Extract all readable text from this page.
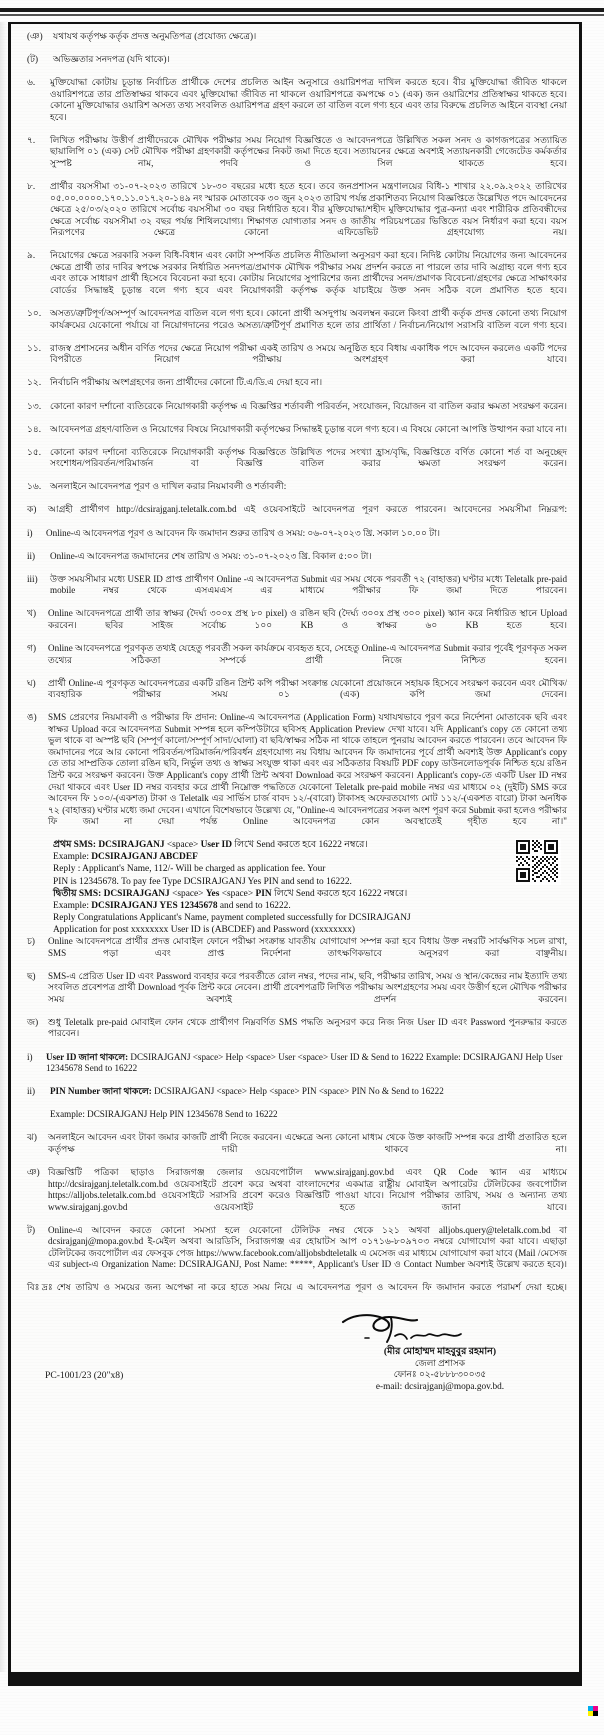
(ঞ)	যথাযথ কর্তৃপক্ষ কর্তৃক প্রদত্ত অনুমতিপত্র (প্রযোজ্য ক্ষেত্রে)।
(ট)	অভিজ্ঞতার সনদপত্র (যদি থাকে)।
৬.	মুক্তিযোদ্ধা কোটায় চূড়ান্ত নির্বাচিত প্রার্থীকে দেশের প্রচলিত আইন অনুসারে ওয়ারিশপত্র দাখিল করতে হবে। বীর মুক্তিযোদ্ধা জীবিত থাকলে ওয়ারিশপত্রে তার প্রতিস্বাক্ষর থাকবে এবং মুক্তিযোদ্ধা জীবিত না থাকলে ওয়ারিশপত্রে কমপক্ষে ০১ (এক) জন ওয়ারিশের প্রতিস্বাক্ষর থাকতে হবে। কোনো মুক্তিযোদ্ধার ওয়ারিশ অসত্য তথ্য সংবলিত ওয়ারিশপত্র গ্রহণ করলে তা বাতিল বলে গণ্য হবে এবং তার বিরুদ্ধে প্রচলিত আইনে ব্যবস্থা নেয়া হবে।
৭.	লিখিত পরীক্ষায় উত্তীর্ণ প্রার্থীদেরকে মৌখিক পরীক্ষার সময় নিয়োগ বিজ্ঞপ্তিতে ও আবেদনপত্রে উল্লিখিত সকল সনদ ও কাগজপত্রের সত্যায়িত ছায়ালিপি ০১ (এক) সেট মৌখিক পরীক্ষা গ্রহণকারী কর্তৃপক্ষের নিকট জমা দিতে হবে। সত্যায়নের ক্ষেত্রে অবশ্যই সত্যায়নকারী গেজেটেড কর্মকর্তার সুস্পষ্ট নাম, পদবি ও সিল থাকতে হবে।
৮.	প্রার্থীর বয়সসীমা ৩১-০৭-২০২৩ তারিখে ১৮-৩০ বছরের মধ্যে হতে হবে। তবে জনপ্রশাসন মন্ত্রণালয়ের বিধি-১ শাখার ২২.০৯.২০২২ তারিখের ০৫.০০.০০০০.১৭০.১১.০১৭.২০-১৪৯ নং স্মারক মোতাবেক ৩০ জুন ২০২৩ তারিখ পর্যন্ত প্রকাশিতব্য নিয়োগ বিজ্ঞপ্তিতে উল্লেখিত পদে আবেদনের ক্ষেত্রে ২৫/০৩/২০২০ তারিখে সর্বোচ্চ বয়সসীমা ৩০ বছর নির্ধারিত হবে। বীর মুক্তিযোদ্ধা/শহীদ মুক্তিযোদ্ধার পুত্র-কন্যা এবং শারীরিক প্রতিবন্ধীদের ক্ষেত্রে সর্বোচ্চ বয়সসীমা ৩২ বছর পর্যন্ত শিথিলযোগ্য। শিক্ষাগত যোগ্যতার সনদ ও জাতীয় পরিচয়পত্রের ভিত্তিতে বয়স নির্ধারণ করা হবে। বয়স নিরূপণের ক্ষেত্রে কোনো এফিডেভিট গ্রহণযোগ্য নয়।
৯.	নিয়োগের ক্ষেত্রে সরকারি সকল বিধি-বিধান এবং কোটা সম্পর্কিত প্রচলিত নীতিমালা অনুসরণ করা হবে। নিদিষ্ট কোটায় নিয়োগের জন্য আবেদনের ক্ষেত্রে প্রার্থী তার দাবির স্বপক্ষে সরকার নির্ধারিত সনদপত্র/প্রমাণক মৌখিক পরীক্ষার সময় প্রদর্শন করতে না পারলে তার দাবি অগ্রাহ্য বলে গণ্য হবে এবং তাকে সাধারণ প্রার্থী হিসেবে বিবেচনা করা হবে। কোটায় নিয়োগের সুপারিশের জন্য প্রার্থীদের সনদ/প্রমাণক বিবেচনা/গ্রহণের ক্ষেত্রে সাক্ষাৎকার বোর্ডের সিদ্ধান্তই চূড়ান্ত বলে গণ্য হবে এবং নিয়োগকারী কর্তৃপক্ষ কর্তৃক যাচাইয়ে উক্ত সনদ সঠিক বলে প্রমাণিত হতে হবে।
১০. অসত্য/ত্রুটিপূর্ণ/অসম্পূর্ণ আবেদনপত্র বাতিল বলে গণ্য হবে। কোনো প্রার্থী অসদুপায় অবলম্বন করলে কিংবা প্রার্থী কর্তৃক প্রদত্ত কোনো তথ্য নিয়োগ কার্যক্রমের যেকোনো পর্যায়ে বা নিয়োগদানের পরেও অসত্য/ত্রুটিপূর্ণ প্রমাণিত হলে তার প্রার্থিতা / নির্বাচন/নিয়োগ সরাসরি বাতিল বলে গণ্য হবে।
১১. রাজস্ব প্রশাসনের অধীন বর্ণিত পদের ক্ষেত্রে নিয়োগ পরীক্ষা একই তারিখ ও সময়ে অনুষ্ঠিত হবে বিধায় একাধিক পদে আবেদন করলেও একটি পদের বিপরীতে নিয়োগ পরীক্ষায় অংশগ্রহণ করা যাবে।
১২. নির্বাচনি পরীক্ষায় অংশগ্রহণের জন্য প্রার্থীদের কোনো টি.এ/ডি.এ দেয়া হবে না।
১৩. কোনো কারণ দর্শানো ব্যতিরেকে নিয়োগকারী কর্তৃপক্ষ এ বিজ্ঞপ্তির শর্তাবলী পরিবর্তন, সংযোজন, বিয়োজন বা বাতিল করার ক্ষমতা সংরক্ষণ করেন।
১৪. আবেদনপত্র গ্রহণ/বাতিল ও নিয়োগের বিষয়ে নিয়োগকারী কর্তৃপক্ষের সিদ্ধান্তই চূড়ান্ত বলে গণ্য হবে। এ বিষয়ে কোনো আপত্তি উত্থাপন করা যাবে না।
১৫. কোনো কারণ দর্শানো ব্যতিরেকে নিয়োগকারী কর্তৃপক্ষ বিজ্ঞপ্তিতে উল্লিখিত পদের সংখ্যা হ্রাস/বৃদ্ধি, বিজ্ঞপ্তিতে বর্ণিত কোনো শর্ত বা অনুচ্ছেদ সংশোধন/পরিবর্তন/পরিমার্জন বা বিজ্ঞপ্তি বাতিল করার ক্ষমতা সংরক্ষণ করেন।
১৬. অনলাইনে আবেদনপত্র পূরণ ও দাখিল করার নিয়মাবলী ও শর্তাবলী:
ক)	আগ্রহী প্রার্থীগণ http://dcsirajganj.teletalk.com.bd এই ওয়েবসাইটে আবেদনপত্র পূরণ করতে পারবেন। আবেদনের সময়সীমা নিম্নরূপ:
i)	Online-এ আবেদনপত্র পূরণ ও আবেদন ফি জমাদান শুরুর তারিখ ও সময়: ০৬-০৭-২০২৩ খ্রি. সকাল ১০.০০ টা।
ii)	Online-এ আবেদনপত্র জমাদানের শেষ তারিখ ও সময়: ৩১-০৭-২০২৩ খ্রি. বিকাল ৫:০০ টা।
iii)	উক্ত সময়সীমার মধ্যে USER ID প্রাপ্ত প্রার্থীগণ Online -এ আবেদনপত্র Submit এর সময় থেকে পরবর্তী ৭২ (বাহাত্তর) ঘণ্টার মধ্যে Teletalk pre-paid mobile নম্বর থেকে এসএমএস এর মাধ্যমে পরীক্ষার ফি জমা দিতে পারবেন।
খ)	Online আবেদনপত্রে প্রার্থী তার স্বাক্ষর (দৈর্ঘ্য ৩০০x প্রস্থ ৮০ pixel) ও রঙিন ছবি (দৈর্ঘ্য ৩০০x প্রস্থ ৩০০ pixel) স্ক্যান করে নির্ধারিত স্থানে Upload করবেন। ছবির সাইজ সর্বোচ্চ ১০০ KB ও স্বাক্ষর ৬০ KB হতে হবে।
গ)	Online আবেদনপত্রে পূরণকৃত তথ্যই যেহেতু পরবর্তী সকল কার্যক্রমে ব্যবহৃত হবে, সেহেতু Online-এ আবেদনপত্র Submit করার পূর্বেই পূরণকৃত সকল তথ্যের সঠিকতা সম্পর্কে প্রার্থী নিজে নিশ্চিত হবেন।
ঘ)	প্রার্থী Online-এ পূরণকৃত আবেদনপত্রের একটি রঙিন প্রিন্ট কপি পরীক্ষা সংক্রান্ত যেকোনো প্রয়োজনে সহায়ক হিসেবে সংরক্ষণ করবেন এবং মৌখিক/ব্যবহারিক পরীক্ষার সময় ০১ (এক) কপি জমা দেবেন।
ঙ)	SMS প্রেরণের নিয়মাবলী ও পরীক্ষার ফি প্রদান: Online-এ আবেদনপত্র (Application Form) যথাযথভাবে পূরণ করে নির্দেশনা মোতাবেক ছবি এবং স্বাক্ষর Upload করে আবেদনপত্র Submit সম্পন্ন হলে কম্পিউটারে ছবিসহ Application Preview দেখা যাবে। যদি Applicant's copy তে কোনো তথ্য ভুল থাকে বা অস্পষ্ট ছবি (সম্পূর্ণ কালো/সম্পূর্ণ সাদা/ঘোলা) বা ছবি/স্বাক্ষর সঠিক না থাকে তাহলে পুনরায় আবেদন করতে পারবেন। তবে আবেদন ফি জমাদানের পরে আর কোনো পরিবর্তন/পরিমার্জন/পরিবর্ধন গ্রহণযোগ্য নয় বিধায় আবেদন ফি জমাদানের পূর্বে প্রার্থী অবশ্যই উক্ত Applicant's copy তে তার সাম্প্রতিক তোলা রঙিন ছবি, নির্ভুল তথ্য ও স্বাক্ষর সংযুক্ত থাকা এবং এর সঠিকতার বিষয়টি PDF copy ডাউনলোডপূর্বক নিশ্চিত হয়ে রঙিন প্রিন্ট করে সংরক্ষণ করবেন। উক্ত Applicant's copy প্রার্থী প্রিন্ট অথবা Download করে সংরক্ষণ করবেন। Applicant's copy-তে একটি User ID নম্বর দেয়া থাকবে এবং User ID নম্বর ব্যবহার করে প্রার্থী নিম্নোক্ত পদ্ধতিতে যেকোনো Teletalk pre-paid mobile নম্বর এর মাধ্যমে ০২ (দুইটি) SMS করে আবেদন ফি ১০০/-(একশত) টাকা ও Teletalk এর সার্ভিস চার্জ বাবদ ১২/-(বারো) টাকাসহ অফেরতযোগ্য মোট ১১২/-(একশত বারো) টাকা অনধিক ৭২ (বাহাত্তর) ঘণ্টার মধ্যে জমা দেবেন। এখানে বিশেষভাবে উল্লেখ্য যে, "Online-এ আবেদনপত্রের সকল অংশ পূরণ করে Submit করা হলেও পরীক্ষার ফি জমা না দেয়া পর্যন্ত Online আবেদনপত্র কোন অবস্থাতেই গৃহীত হবে না।"
প্রথম SMS: DCSIRAJGANJ <space> User ID লিখে Send করতে হবে 16222 নম্বরে।
Example: DCSIRAJGANJ ABCDEF
Reply : Applicant's Name, 112/- Will be charged as application fee. Your
PIN is 12345678. To pay fee Type DCSIRAJGANJ Yes PIN and send to 16222.
দ্বিতীয় SMS: DCSIRAJGANJ <space> Yes <space> PIN লিখে Send করতে হবে 16222 নম্বরে।
Example: DCSIRAJGANJ YES 12345678 and send to 16222.
Reply Congratulations Applicant's Name, payment completed successfully for DCSIRAJGANJ
Application for post xxxxxxxx User ID is (ABCDEF) and Password (xxxxxxxx)
চ)	Online আবেদনপত্রে প্রার্থীর প্রদত্ত মোবাইল ফোনে পরীক্ষা সংক্রান্ত যাবতীয় যোগাযোগ সম্পন্ন করা হবে বিধায় উক্ত নম্বরটি সার্বক্ষণিক সচল রাখা, SMS পড়া এবং প্রাপ্ত নির্দেশনা তাৎক্ষণিকভাবে অনুসরণ করা বাঞ্ছনীয়।
ছ)	SMS-এ প্রেরিত User ID এবং Password ব্যবহার করে পরবর্তীতে রোল নম্বর, পদের নাম, ছবি, পরীক্ষার তারিখ, সময় ও স্থান/কেন্দ্রের নাম ইত্যাদি তথ্য সংবলিত প্রবেশপত্র প্রার্থী Download পূর্বক প্রিন্ট করে নেবেন। প্রার্থী প্রবেশপত্রটি লিখিত পরীক্ষায় অংশগ্রহণের সময় এবং উত্তীর্ণ হলে মৌখিক পরীক্ষার সময় অবশ্যই প্রদর্শন করবেন।
জ)	শুধু Teletalk pre-paid মোবাইল ফোন থেকে প্রার্থীগণ নিম্নবর্ণিত SMS পদ্ধতি অনুসরণ করে নিজ নিজ User ID এবং Password পুনরুদ্ধার করতে পারবেন।
i)	User ID জানা থাকলে: DCSIRAJGANJ <space> Help <space> User <space> User ID & Send to 16222 Example: DCSIRAJGANJ Help User 12345678 Send to 16222
ii)	PIN Number জানা থাকলে: DCSIRAJGANJ <space> Help <space> PIN <space> PIN No & Send to 16222
Example: DCSIRAJGANJ Help PIN 12345678 Send to 16222
ঝ)	অনলাইনে আবেদন এবং টাকা জমার কাজটি প্রার্থী নিজে করবেন। এক্ষেত্রে অন্য কোনো মাধ্যম থেকে উক্ত কাজটি সম্পন্ন করে প্রার্থী প্রতারিত হলে কর্তৃপক্ষ দায়ী থাকবে না।
ঞ) বিজ্ঞপ্তিটি পত্রিকা ছাড়াও সিরাজগঞ্জ জেলার ওয়েবপোর্টাল www.sirajganj.gov.bd এবং QR Code স্ক্যান এর মাধ্যমে http://dcsirajganj.teletalk.com.bd ওয়েবসাইটে প্রবেশ করে অথবা বাংলাদেশের একমাত্র রাষ্ট্রীয় মোবাইল অপারেটর টেলিটকের জবপোর্টাল https://alljobs.teletalk.com.bd ওয়েবসাইটে সরাসরি প্রবেশ করেও বিজ্ঞপ্তিটি পাওয়া যাবে। নিয়োগ পরীক্ষার তারিখ, সময় ও অন্যান্য তথ্য www.sirajganj.gov.bd ওয়েবসাইট হতে জানা যাবে।
ট)	Online-এ আবেদন করতে কোনো সমস্যা হলে যেকোনো টেলিটক নম্বর থেকে ১২১ অথবা alljobs.query@teletalk.com.bd বা dcsirajganj@mopa.gov.bd ই-মেইল অথবা আরডিসি, সিরাজগঞ্জ এর হোয়াটস আপ ০১৭১৬-৮০৯৭০৩ নম্বরে যোগাযোগ করা যাবে। এছাড়া টেলিটকের জবপোর্টাল এর ফেসবুক পেজ https://www.facebook.com/alljobsbdteletalk এ মেসেজ এর মাধ্যমে যোগাযোগ করা যাবে (Mail /মেসেজ এর subject-এ Organization Name: DCSIRAJGANJ, Post Name: *****, Applicant's User ID ও Contact Number অবশ্যই উল্লেখ করতে হবে)।
বিঃ দ্রঃ শেষ তারিখ ও সময়ের জন্য অপেক্ষা না করে হাতে সময় নিয়ে এ আবেদনপত্র পূরণ ও আবেদন ফি জমাদান করতে পরামর্শ দেয়া হচ্ছে।
PC-1001/23 (20"x8)
(মীর মোহাম্মদ মাহবুবুর রহমান)
জেলা প্রশাসক
ফোনঃ ০২-৫৮৮৮৩০০৩৫
e-mail: dcsirajganj@mopa.gov.bd.
